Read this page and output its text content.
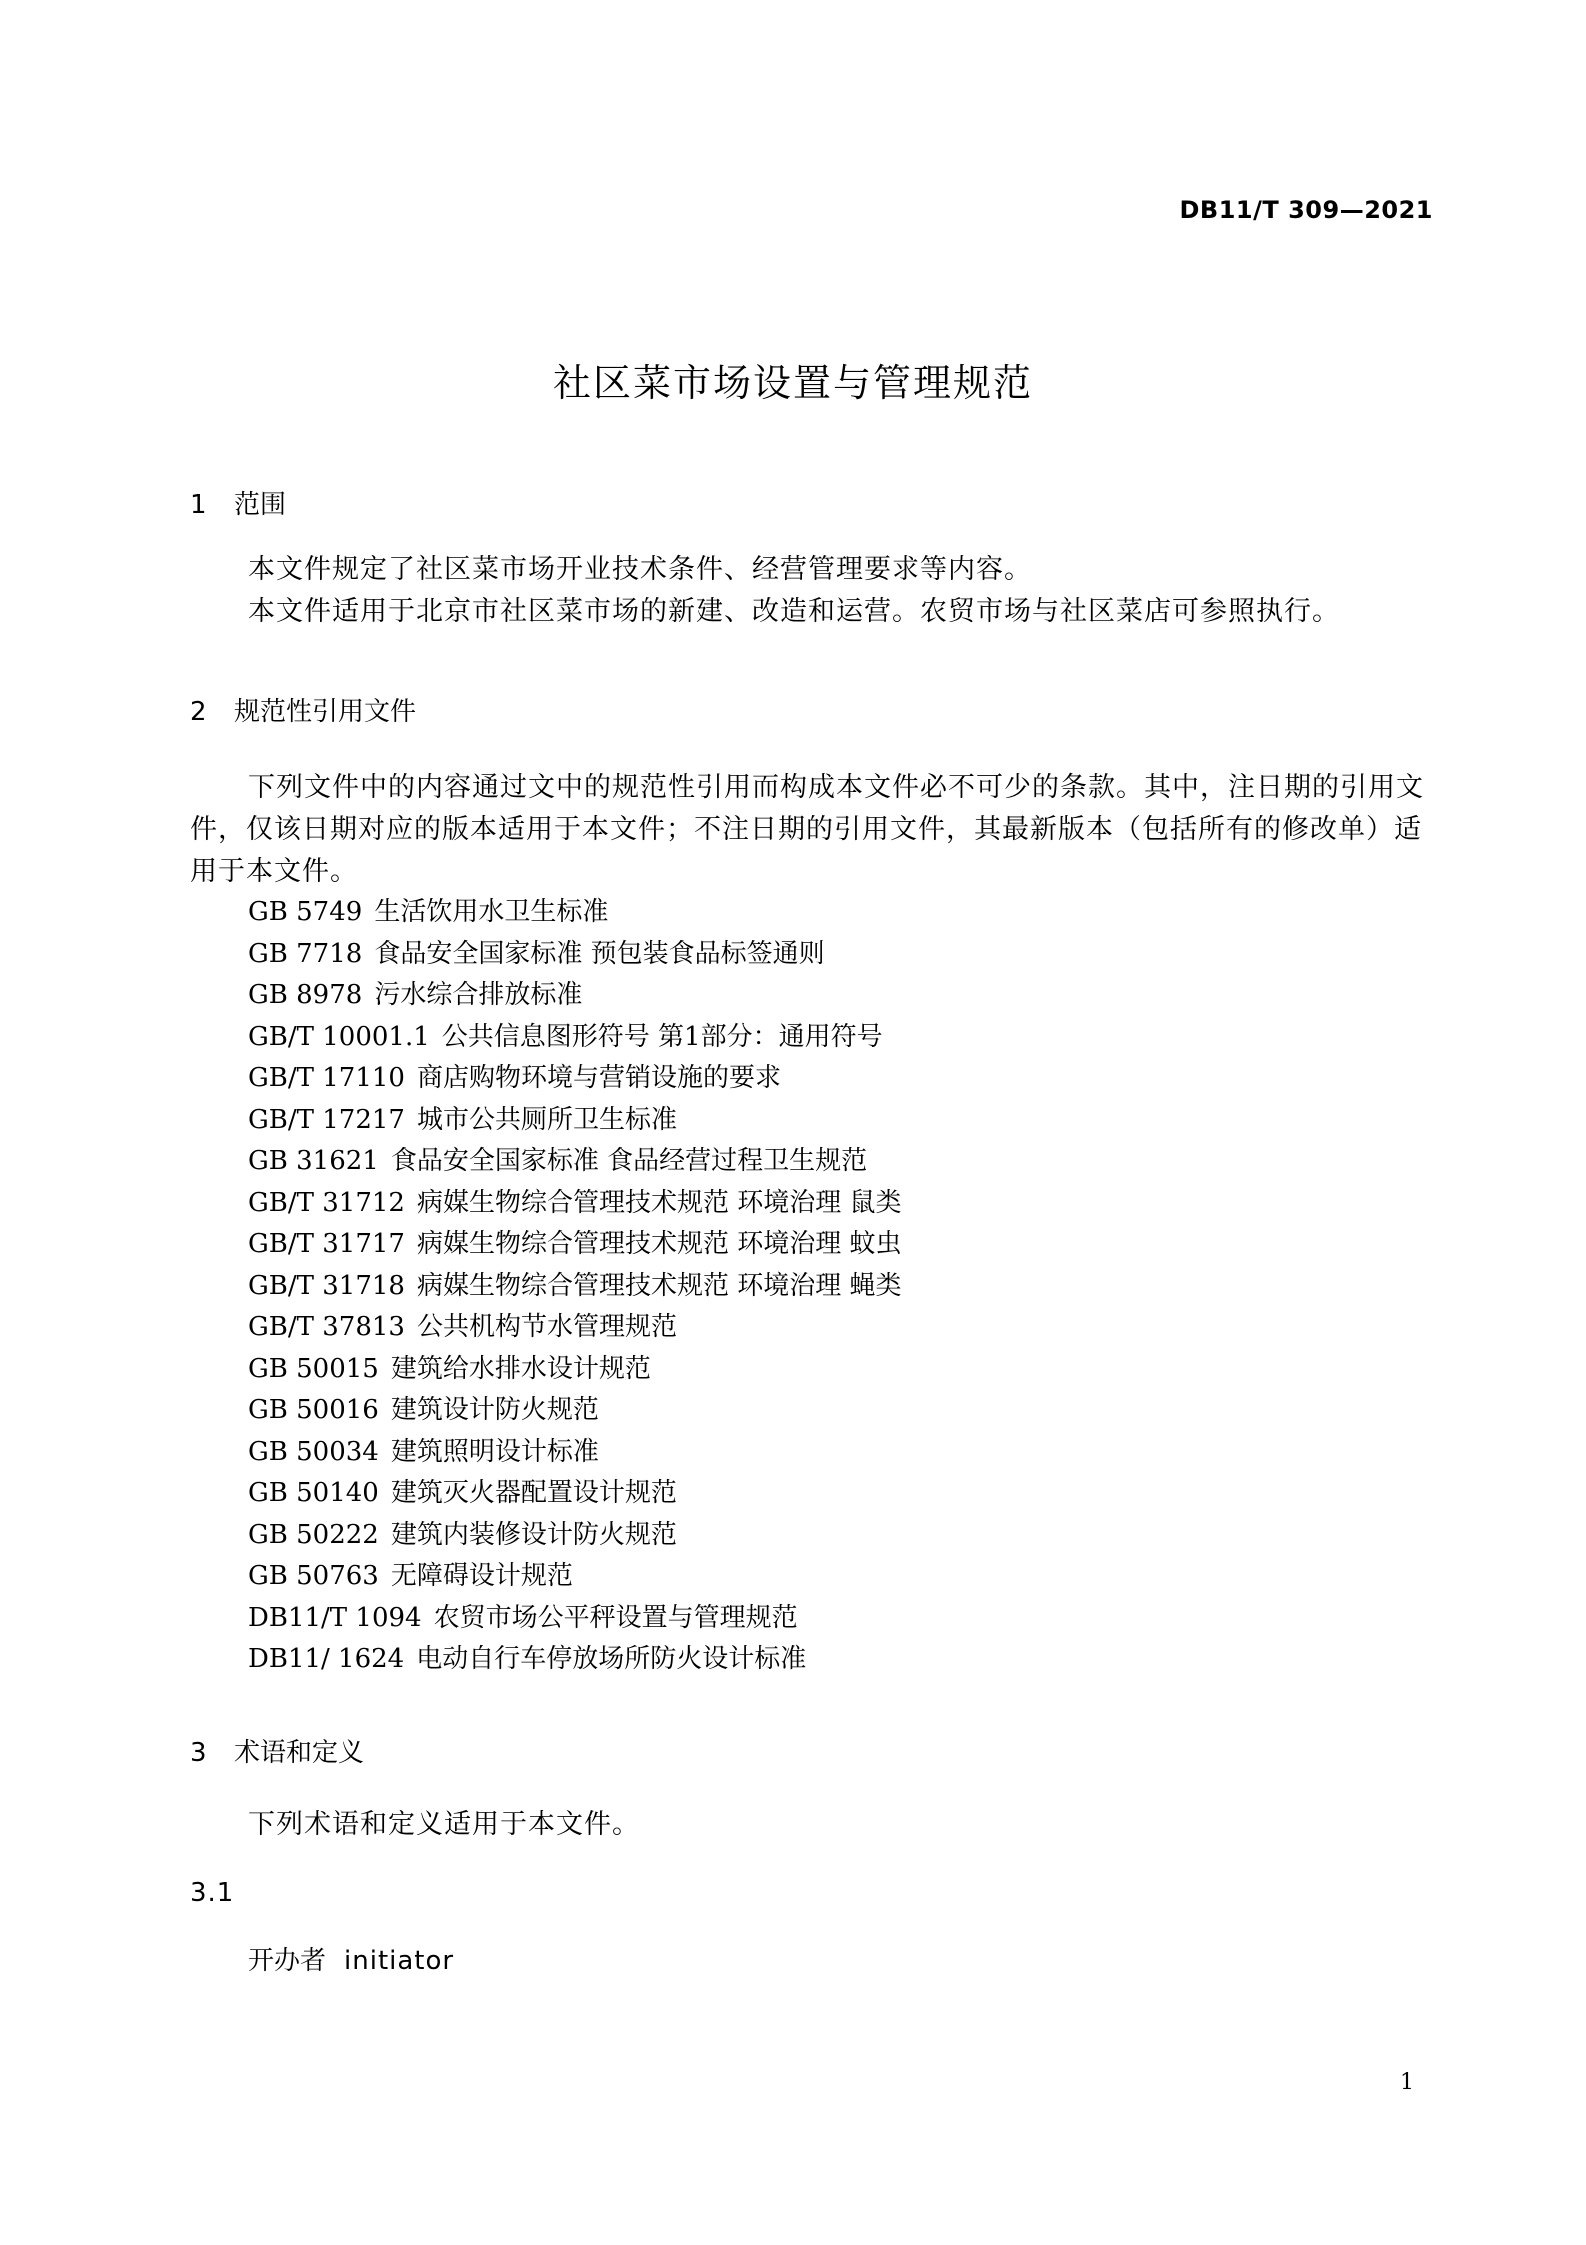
DB11/T 309—2021
社区菜市场设置与管理规范
1 范围

本文件规定了社区菜市场开业技术条件、经营管理要求等内容。

本文件适用于北京市社区菜市场的新建、改造和运营。农贸市场与社区菜店可参照执行。

2 规范性引用文件

下列文件中的内容通过文中的规范性引用而构成本文件必不可少的条款。其中，注日期的引用文件，仅该日期对应的版本适用于本文件；不注日期的引用文件，其最新版本（包括所有的修改单）适用于本文件。

GB 5749 生活饮用水卫生标准
GB 7718 食品安全国家标准 预包装食品标签通则
GB 8978 污水综合排放标准
GB/T 10001.1 公共信息图形符号 第1部分：通用符号
GB/T 17110 商店购物环境与营销设施的要求
GB/T 17217 城市公共厕所卫生标准
GB 31621 食品安全国家标准 食品经营过程卫生规范
GB/T 31712 病媒生物综合管理技术规范 环境治理 鼠类
GB/T 31717 病媒生物综合管理技术规范 环境治理 蚊虫
GB/T 31718 病媒生物综合管理技术规范 环境治理 蝇类
GB/T 37813 公共机构节水管理规范
GB 50015 建筑给水排水设计规范
GB 50016 建筑设计防火规范
GB 50034 建筑照明设计标准
GB 50140 建筑灭火器配置设计规范
GB 50222 建筑内装修设计防火规范
GB 50763 无障碍设计规范
DB11/T 1094 农贸市场公平秤设置与管理规范
DB11/ 1624 电动自行车停放场所防火设计标准
3 术语和定义

下列术语和定义适用于本文件。

3.1
开办者 initiator
1
